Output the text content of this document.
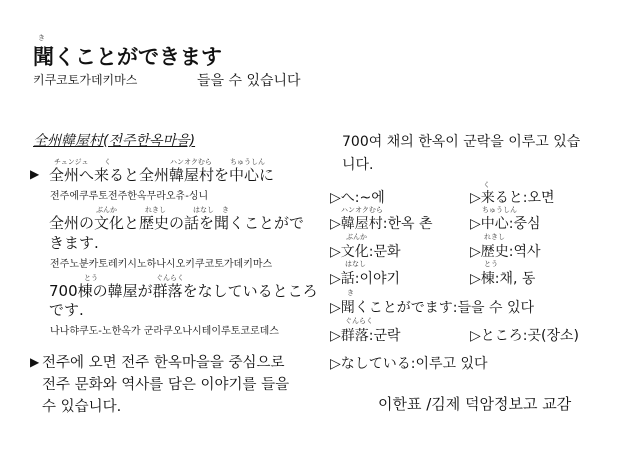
き
聞くことができます
키쿠코토가데키마스	들을 수 있습니다
全州韓屋村(전주한옥마을)
チュンジュ く	ハンオクむら	ちゅうしん
▶ 全州へ来ると全州韓屋村を中心に
전주에쿠루토전주한옥무라오츄-싱니
ぶんか	れきし	はなし き
全州の文化と歴史の話を聞くことがで
きます.
전주노분카토레키시노하나시오키쿠코토가데키마스
とう	ぐんらく
700棟の韓屋が群落をなしているところ
です.
나나햐쿠도-노한옥가 군라쿠오나시테이루토코로데스
▶ 전주에 오면 전주 한옥마을을 중심으로
전주 문화와 역사를 담은 이야기를 들을
수 있습니다.
700여 채의 한옥이 군락을 이루고 있습
니다.
く
▷へ:~에	▷来ると:오면
ハンオクむら	ちゅうしん
▷韓屋村:한옥 촌	▷中心:중심
ぶんか	れきし
▷文化:문화	▷歴史:역사
はなし	とう
▷話:이야기	▷棟:채, 동
き
▷聞くことがでます:들을 수 있다
ぐんらく
▷群落:군락	▷ところ:곳(장소)
▷なしている:이루고 있다
이한표 /김제 덕암정보고 교감
